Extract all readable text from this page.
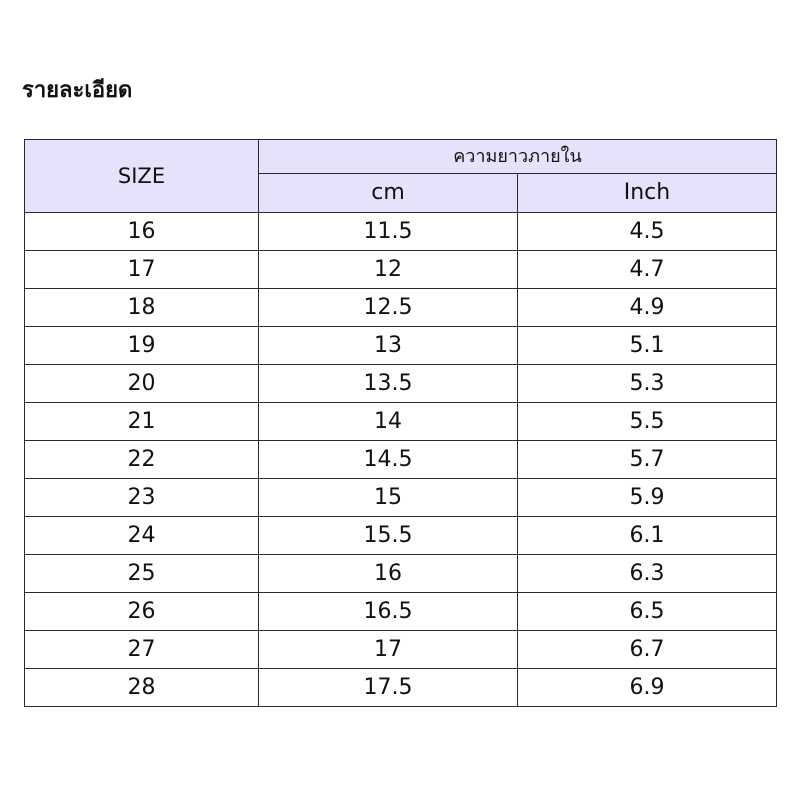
รายละเอียด
SIZE	ความยาวภายใน	
	cm	Inch
16	11.5	4.5
17	12	4.7
18	12.5	4.9
19	13	5.1
20	13.5	5.3
21	14	5.5
22	14.5	5.7
23	15	5.9
24	15.5	6.1
25	16	6.3
26	16.5	6.5
27	17	6.7
28	17.5	6.9
